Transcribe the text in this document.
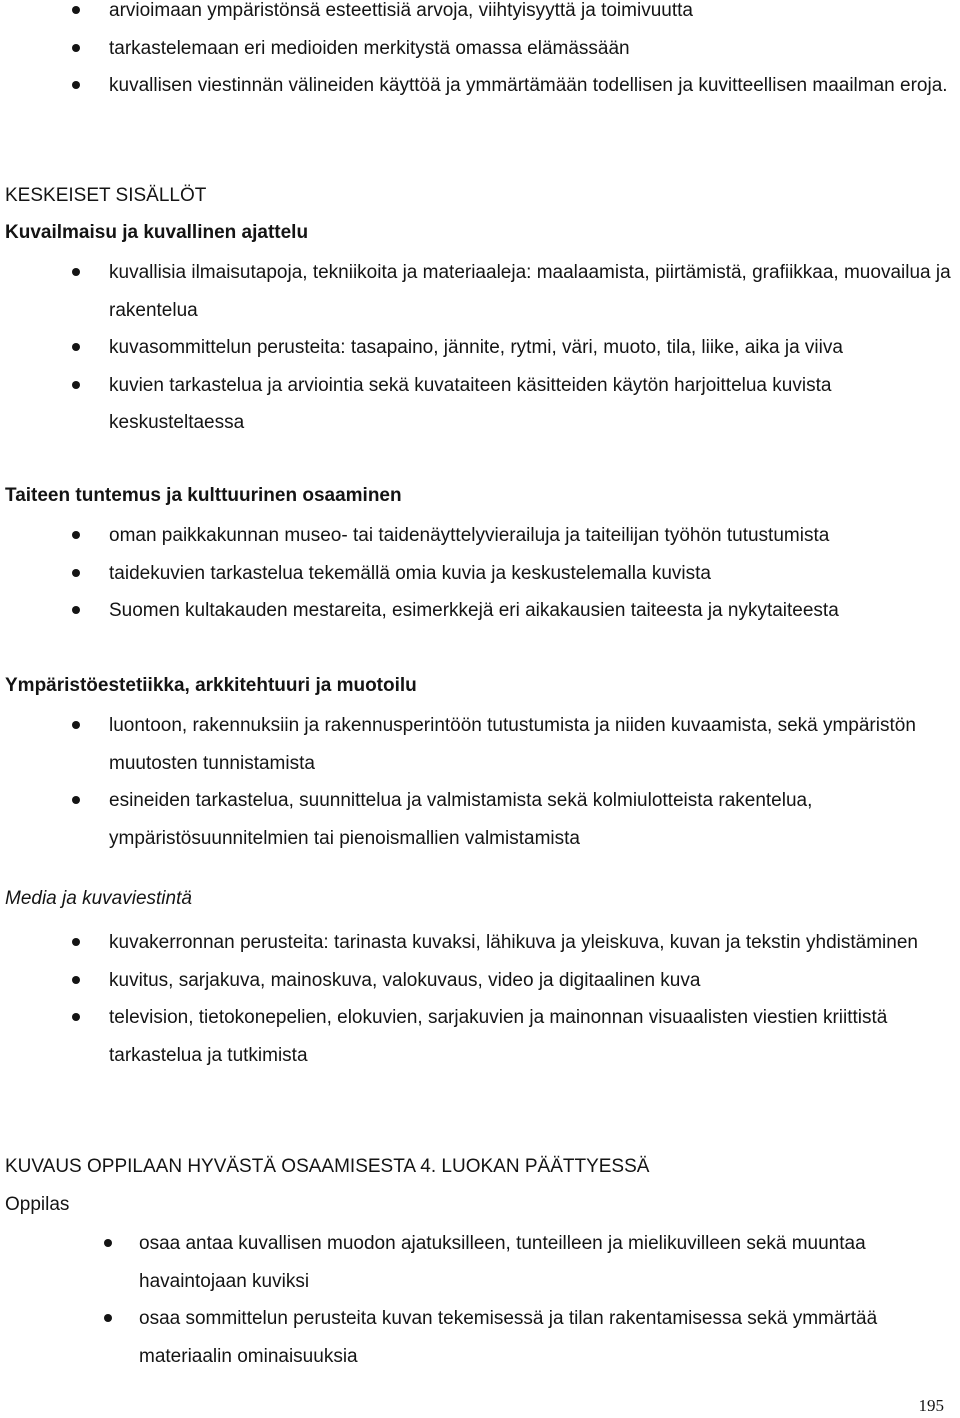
arvioimaan ympäristönsä esteettisiä arvoja, viihtyisyyttä ja toimivuutta
tarkastelemaan eri medioiden merkitystä omassa elämässään
kuvallisen viestinnän välineiden käyttöä ja ymmärtämään todellisen ja kuvitteellisen maailman eroja.
KESKEISET SISÄLLÖT
Kuvailmaisu ja kuvallinen ajattelu
kuvallisia ilmaisutapoja, tekniikoita ja materiaaleja: maalaamista, piirtämistä, grafiikkaa, muovailua ja rakentelua
kuvasommittelun perusteita: tasapaino, jännite, rytmi, väri, muoto, tila, liike, aika ja viiva
kuvien tarkastelua ja arviointia sekä kuvataiteen käsitteiden käytön harjoittelua kuvista keskusteltaessa
Taiteen tuntemus ja kulttuurinen osaaminen
oman paikkakunnan museo- tai taidenäyttelyvierailuja ja taiteilijan työhön tutustumista
taidekuvien tarkastelua tekemällä omia kuvia ja keskustelemalla kuvista
Suomen kultakauden mestareita, esimerkkejä eri aikakausien taiteesta ja nykytaiteesta
Ympäristöestetiikka, arkkitehtuuri ja muotoilu
luontoon, rakennuksiin ja rakennusperintöön tutustumista ja niiden kuvaamista, sekä ympäristön muutosten tunnistamista
esineiden tarkastelua, suunnittelua ja valmistamista sekä kolmiulotteista rakentelua, ympäristösuunnitelmien tai pienoismallien valmistamista
Media ja kuvaviestintä
kuvakerronnan perusteita: tarinasta kuvaksi, lähikuva ja yleiskuva, kuvan ja tekstin yhdistäminen
kuvitus, sarjakuva, mainoskuva, valokuvaus, video ja digitaalinen kuva
television, tietokonepelien, elokuvien, sarjakuvien ja mainonnan visuaalisten viestien kriittistä tarkastelua ja tutkimista
KUVAUS OPPILAAN HYVÄSTÄ OSAAMISESTA 4. LUOKAN PÄÄTTYESSÄ
Oppilas
osaa antaa kuvallisen muodon ajatuksilleen, tunteilleen ja mielikuvilleen sekä muuntaa havaintojaan kuviksi
osaa sommittelun perusteita kuvan tekemisessä ja tilan rakentamisessa sekä ymmärtää materiaalin ominaisuuksia
195
